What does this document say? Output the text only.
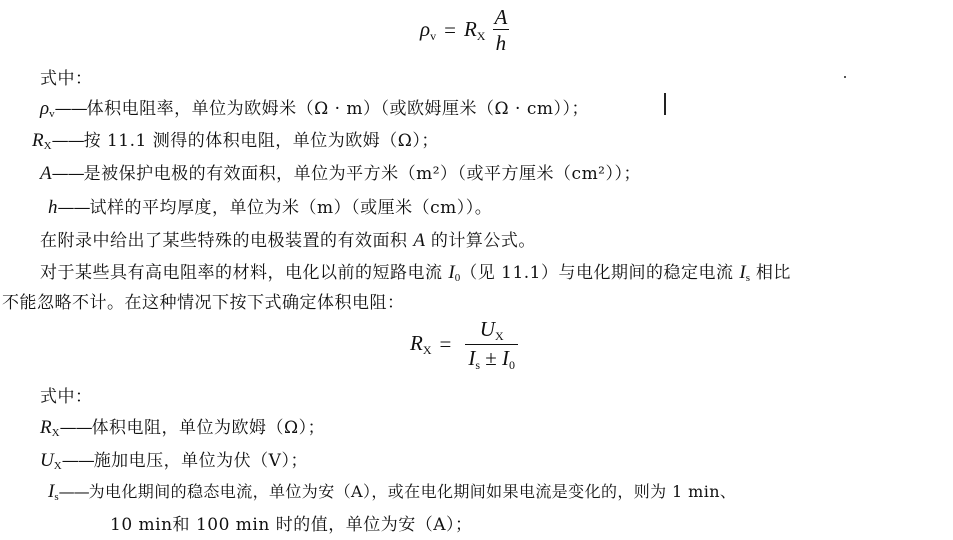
$\rho_v = R_X \frac{A}{h}$
式中：
$\rho_v——$体积电阻率，单位为欧姆米（Ω · m）（或欧姆厘米（Ω · cm））；
$R_X——$按 11.1 测得的体积电阻，单位为欧姆（Ω）；
A——是被保护电极的有效面积，单位为平方米（m²）（或平方厘米（cm²））；
h——试样的平均厚度，单位为米（m）（或厘米（cm））。
在附录中给出了某些特殊的电极装置的有效面积 A 的计算公式。
对于某些具有高电阻率的材料，电化以前的短路电流 $I_0$（见 11.1）与电化期间的稳定电流 $I_s$ 相比
不能忽略不计。在这种情况下按下式确定体积电阻：
$R_X = \frac{U_X}{I_s \pm I_0}$
式中：
$R_X——$体积电阻，单位为欧姆（Ω）；
$U_X——$施加电压，单位为伏（V）；
$I_s——$为电化期间的稳态电流，单位为安（A），或在电化期间如果电流是变化的，则为 1 min、
10 min和 100 min 时的值，单位为安（A）；
